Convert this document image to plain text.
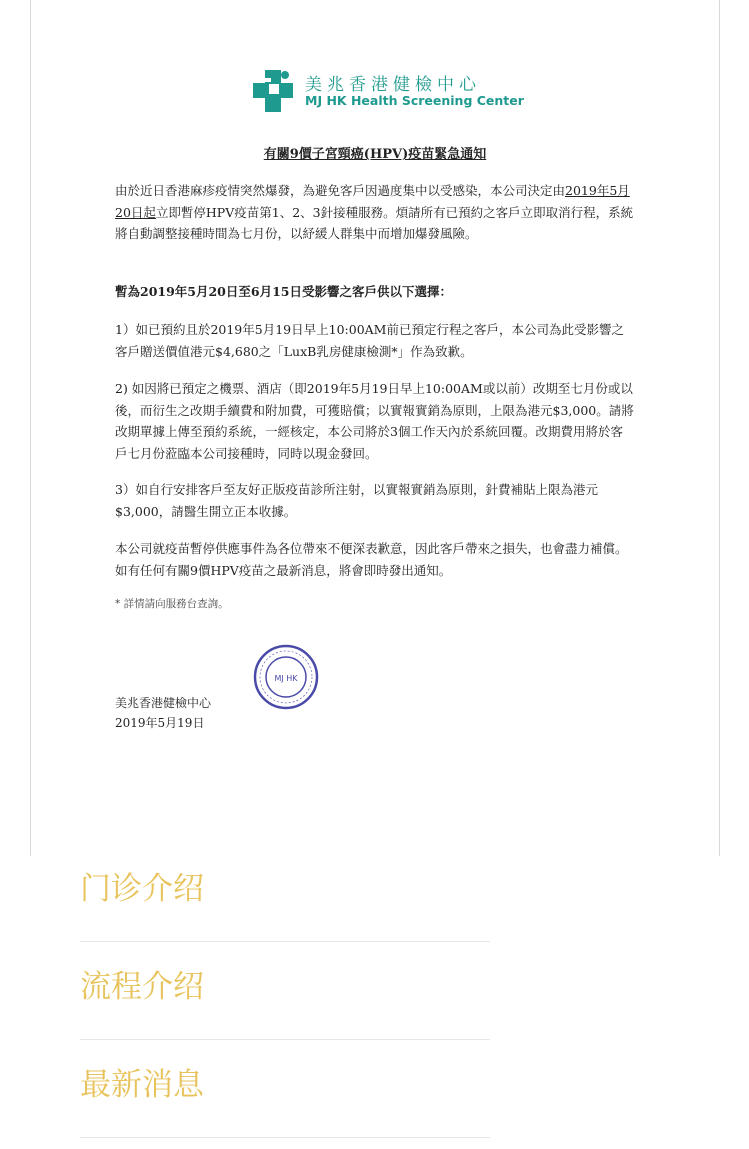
美兆香港健檢中心
MJ HK Health Screening Center
有關9價子宮頸癌(HPV)疫苗緊急通知
由於近日香港麻疹疫情突然爆發，為避免客戶因過度集中以受感染，本公司決定由2019年5月20日起立即暫停HPV疫苗第1、2、3針接種服務。煩請所有已預約之客戶立即取消行程，系統將自動調整接種時間為七月份，以紓緩人群集中而增加爆發風險。
暫為2019年5月20日至6月15日受影響之客戶供以下選擇：
1）如已預約且於2019年5月19日早上10:00AM前已預定行程之客戶，本公司為此受影響之客戶贈送價值港元$4,680之「LuxB乳房健康檢測*」作為致歉。
2) 如因將已預定之機票、酒店（即2019年5月19日早上10:00AM或以前）改期至七月份或以後，而衍生之改期手續費和附加費，可獲賠償；以實報實銷為原則，上限為港元$3,000。請將改期單據上傳至預約系統，一經核定，本公司將於3個工作天內於系統回覆。改期費用將於客戶七月份蒞臨本公司接種時，同時以現金發回。
3）如自行安排客戶至友好正版疫苗診所注射，以實報實銷為原則，針費補貼上限為港元$3,000，請醫生開立正本收據。
本公司就疫苗暫停供應事件為各位帶來不便深表歉意，因此客戶帶來之損失，也會盡力補償。如有任何有關9價HPV疫苗之最新消息，將會即時發出通知。
* 詳情請向服務台查詢。
MJ HK
美兆香港健檢中心
2019年5月19日
门诊介绍
流程介绍
最新消息
